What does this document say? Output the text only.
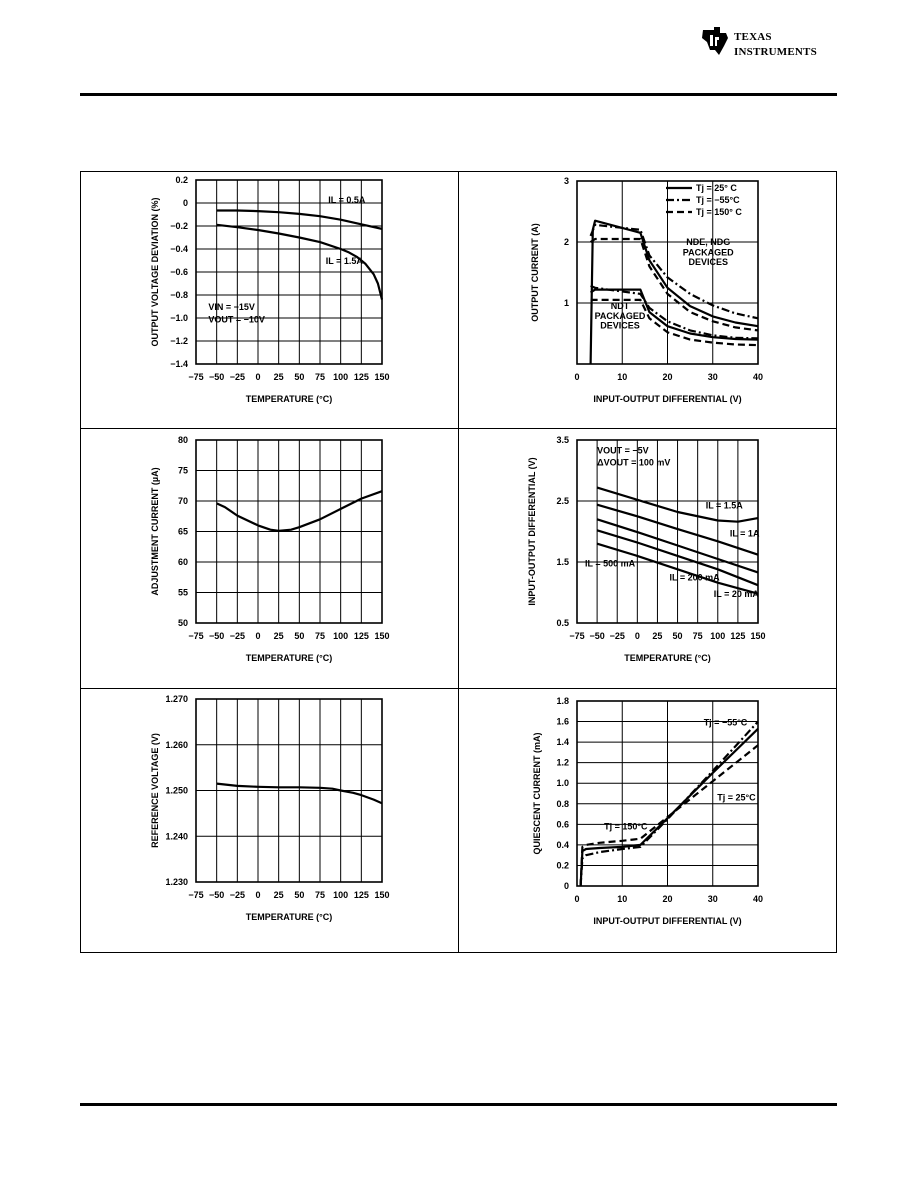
texas
instruments
−75 −50 −25 0 25 50 75 100 125 150
0.2
0
−0.2
−0.4
−0.6
−0.8
−1.0
−1.2
−1.4
TEMPERATURE (°C)
OUTPUT VOLTAGE DEVIATION (%)	IL = 0.5A
IL = 1.5A
VIN = −15V
VOUT = −10V
0	10	20	30	40
1
2
3
INPUT-OUTPUT DIFFERENTIAL (V)
OUTPUT CURRENT (A)	NDE, NDG
PACKAGED
DEVICES
NDT
PACKAGED
DEVICES
Tj = 25° C
Tj = −55°C
Tj = 150° C
−75 −50 −25 0 25 50 75 100 125 150
80
75
70
65
60
55
50
TEMPERATURE (°C)
ADJUSTMENT CURRENT (µA)
−75 −50 −25 0 25 50 75 100 125 150
3.5
2.5
1.5
0.5
TEMPERATURE (°C)
INPUT-OUTPUT DIFFERENTIAL (V)
VOUT = −5V
ΔVOUT = 100 mV
IL = 1.5A
IL = 1A
IL = 500 mA
IL = 200 mA
IL = 20 mA
−75 −50 −25 0 25 50 75 100 125 150
1.270
1.260
1.250
1.240
1.230
TEMPERATURE (°C)
REFERENCE VOLTAGE (V)
0	10	20	30	40
1.8
1.6
1.4
1.2
1.0
0.8
0.6
0.4
0.2
0
INPUT-OUTPUT DIFFERENTIAL (V)
QUIESCENT CURRENT (mA)
Tj = −55°C
Tj = 25°C
Tj = 150°C
